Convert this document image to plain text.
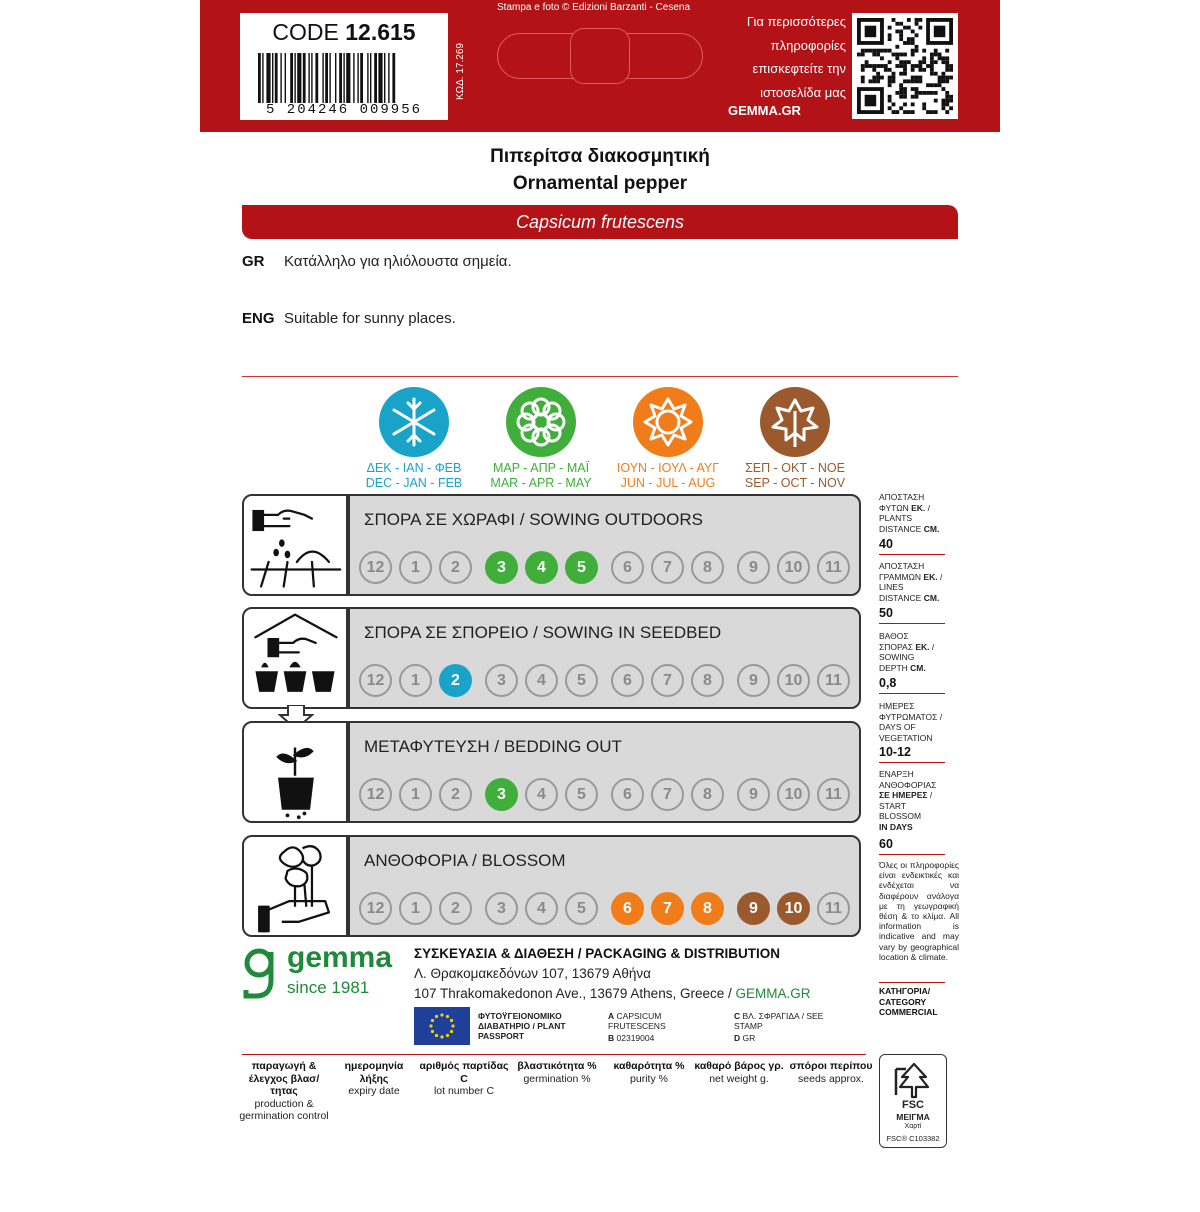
CODE 12.615
5 204246 009956
ΚΩΔ. 17.269
Stampa e foto © Edizioni Barzanti - Cesena
Για περισσότερες
πληροφορίες
επισκεφτείτε την
ιστοσελίδα μας
GEMMA.GR
Πιπερίτσα διακοσμητική
Ornamental pepper
Capsicum frutescens
GR Κατάλληλο για ηλιόλουστα σημεία.
ENG Suitable for sunny places.
ΔΕΚ - ΙΑΝ - ΦΕΒ
DEC - JAN - FEB
ΜΑΡ - ΑΠΡ - ΜΑΪ
MAR - APR - MAY
ΙΟΥΝ - ΙΟΥΛ - ΑΥΓ
JUN - JUL - AUG
ΣΕΠ - ΟΚΤ - ΝΟΕ
SEP - OCT - NOV
ΣΠΟΡΑ ΣΕ ΧΩΡΑΦΙ / SOWING OUTDOORS
12	1	2	3	4	5	6	7	8	9	10	11
ΣΠΟΡΑ ΣΕ ΣΠΟΡΕΙΟ / SOWING IN SEEDBED
12	1	2	3	4	5	6	7	8	9	10	11
ΜΕΤΑΦΥΤΕΥΣΗ / BEDDING OUT
12	1	2	3	4	5	6	7	8	9	10	11
ΑΝΘΟΦΟΡΙΑ / BLOSSOM
12	1	2	3	4	5	6	7	8	9	10	11
ΑΠΟΣΤΑΣΗ
ΦΥΤΩΝ ΕΚ. /
PLANTS
DISTANCE CM.
40
ΑΠΟΣΤΑΣΗ
ΓΡΑΜΜΩΝ ΕΚ. /
LINES
DISTANCE CM.
50
ΒΑΘΟΣ
ΣΠΟΡΑΣ ΕΚ. /
SOWING
DEPTH CM.
0,8
ΗΜΕΡΕΣ
ΦΥΤΡΩΜΑΤΟΣ /
DAYS OF
VEGETATION
10-12
ΕΝΑΡΞΗ
ΑΝΘΟΦΟΡΙΑΣ
ΣΕ ΗΜΕΡΕΣ /
START
BLOSSOM
IN DAYS
60
Όλες οι πληροφορίες είναι ενδεικτικές και ενδέχεται να διαφέρουν ανάλογα με τη γεωγραφική θέση & το κλίμα. All information is indicative and may vary by geographical location & climate.
ΚΑΤΗΓΟΡΙΑ/ CATEGORY
COMMERCIAL
gemma
since 1981
ΣΥΣΚΕΥΑΣΙΑ & ΔΙΑΘΕΣΗ / PACKAGING & DISTRIBUTION
Λ. Θρακομακεδόνων 107, 13679 Αθήνα
107 Thrakomakedonon Ave., 13679 Athens, Greece / GEMMA.GR
ΦΥΤΟΫΓΕΙΟΝΟΜΙΚΟ ΔΙΑΒΑΤΗΡΙΟ / PLANT PASSPORT
A CAPSICUM FRUTESCENS
B 02319004
C ΒΛ. ΣΦΡΑΓΙΔΑ / SEE STAMP
D GR
παραγωγή & έλεγχος βλασ/τητας
production & germination control
ημερομηνία λήξης
expiry date
αριθμός παρτίδας C
lot number C
βλαστικότητα %
germination %
καθαρότητα %
purity %
καθαρό βάρος γρ.
net weight g.
σπόροι περίπου
seeds approx.
FSC
ΜΕΙΓΜΑ
Χαρτί
FSC® C103382
